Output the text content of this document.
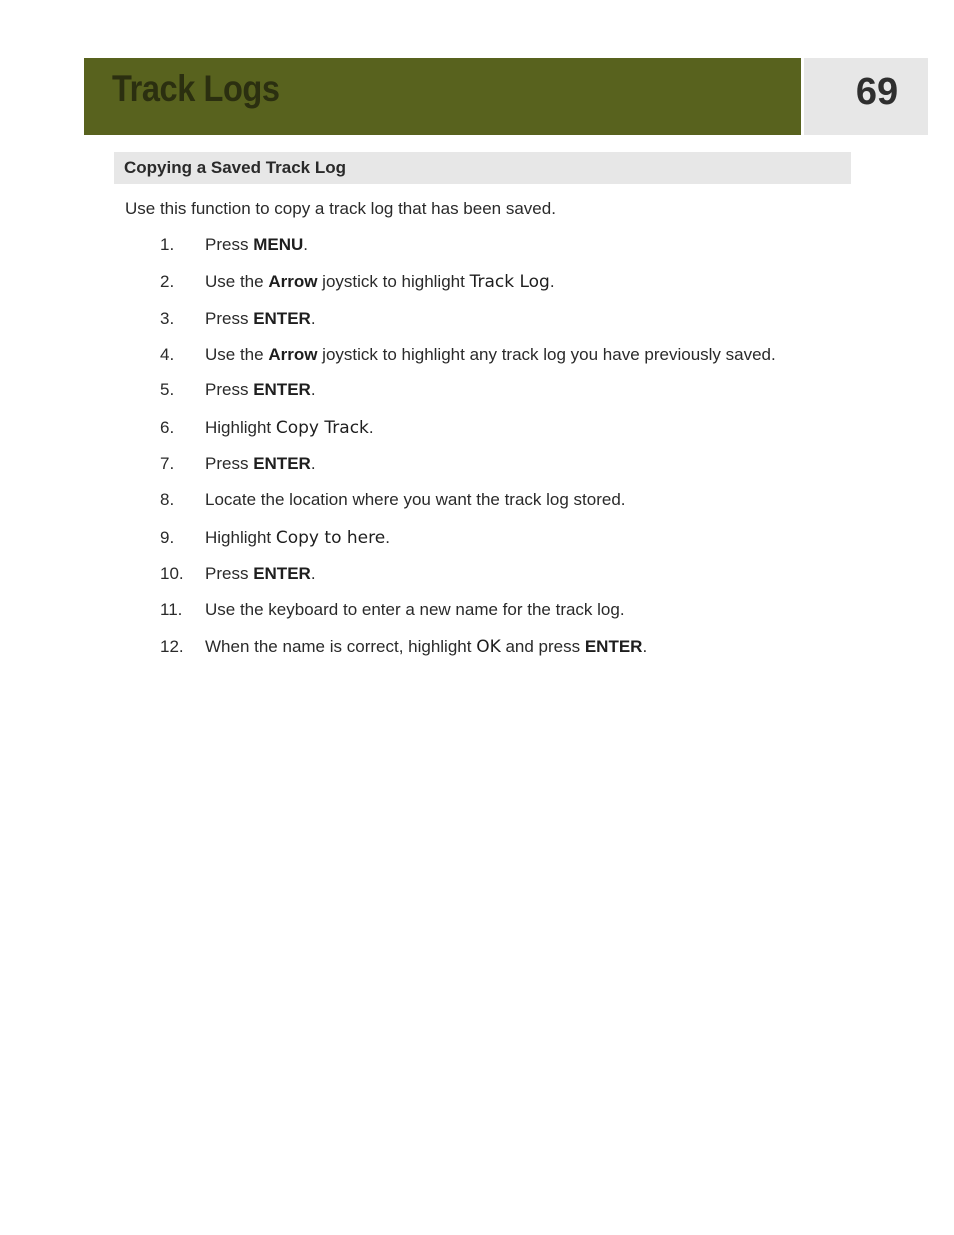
Track Logs	69
Copying a Saved Track Log
Use this function to copy a track log that has been saved.
1. Press MENU.
2. Use the Arrow joystick to highlight Track Log.
3. Press ENTER.
4. Use the Arrow joystick to highlight any track log you have previously saved.
5. Press ENTER.
6. Highlight Copy Track.
7. Press ENTER.
8. Locate the location where you want the track log stored.
9. Highlight Copy to here.
10. Press ENTER.
11. Use the keyboard to enter a new name for the track log.
12. When the name is correct, highlight OK and press ENTER.
